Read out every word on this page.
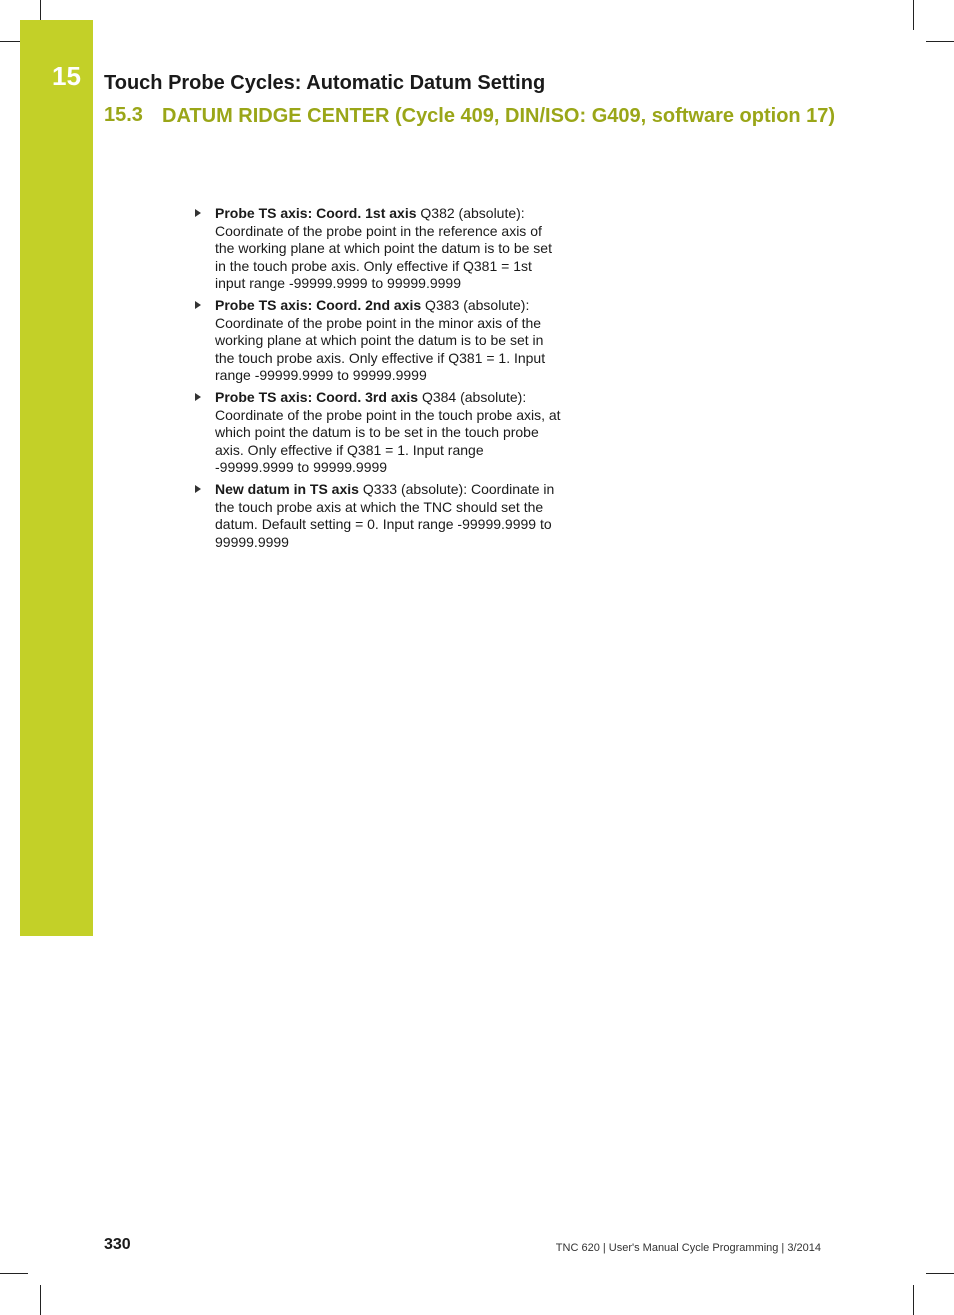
15 Touch Probe Cycles: Automatic Datum Setting
15.3 DATUM RIDGE CENTER (Cycle 409, DIN/ISO: G409, software option 17)
Probe TS axis: Coord. 1st axis Q382 (absolute): Coordinate of the probe point in the reference axis of the working plane at which point the datum is to be set in the touch probe axis. Only effective if Q381 = 1st input range -99999.9999 to 99999.9999
Probe TS axis: Coord. 2nd axis Q383 (absolute): Coordinate of the probe point in the minor axis of the working plane at which point the datum is to be set in the touch probe axis. Only effective if Q381 = 1. Input range -99999.9999 to 99999.9999
Probe TS axis: Coord. 3rd axis Q384 (absolute): Coordinate of the probe point in the touch probe axis, at which point the datum is to be set in the touch probe axis. Only effective if Q381 = 1. Input range -99999.9999 to 99999.9999
New datum in TS axis Q333 (absolute): Coordinate in the touch probe axis at which the TNC should set the datum. Default setting = 0. Input range -99999.9999 to 99999.9999
330	TNC 620 | User's Manual Cycle Programming | 3/2014
